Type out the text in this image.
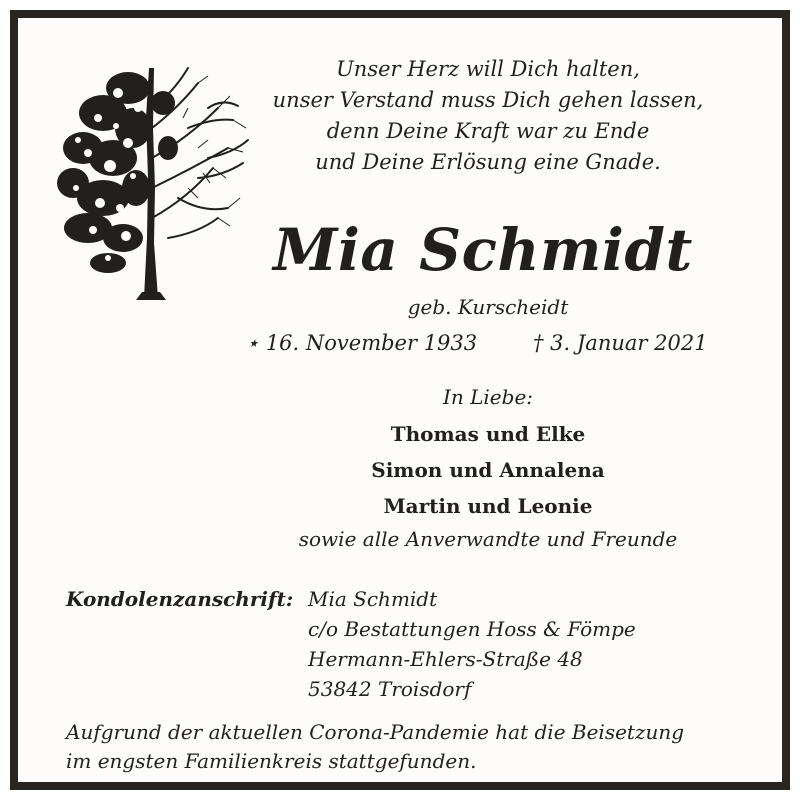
Unser Herz will Dich halten,
unser Verstand muss Dich gehen lassen,
denn Deine Kraft war zu Ende
und Deine Erlösung eine Gnade.
Mia Schmidt
geb. Kurscheidt
⋆ 16. November 1933	† 3. Januar 2021
In Liebe:
Thomas und Elke
Simon und Annalena
Martin und Leonie
sowie alle Anverwandte und Freunde
Kondolenzanschrift: Mia Schmidt
c/o Bestattungen Hoss & Fömpe
Hermann-Ehlers-Straße 48
53842 Troisdorf
Aufgrund der aktuellen Corona-Pandemie hat die Beisetzung
im engsten Familienkreis stattgefunden.
